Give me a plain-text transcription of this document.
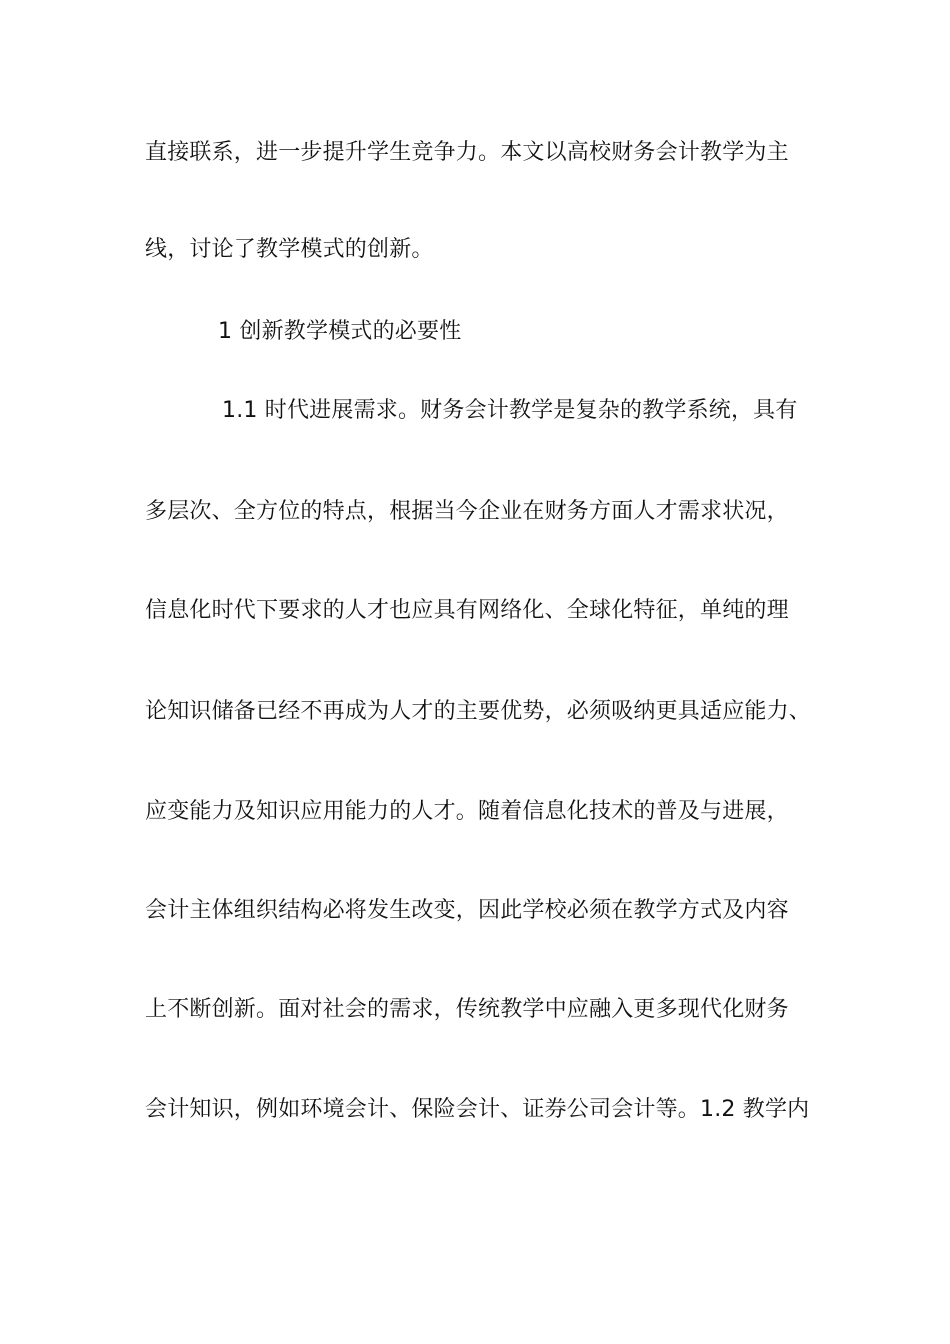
直接联系，进一步提升学生竞争力。本文以高校财务会计教学为主

线，讨论了教学模式的创新。

1 创新教学模式的必要性

1.1 时代进展需求。财务会计教学是复杂的教学系统，具有

多层次、全方位的特点，根据当今企业在财务方面人才需求状况，

信息化时代下要求的人才也应具有网络化、全球化特征，单纯的理

论知识储备已经不再成为人才的主要优势，必须吸纳更具适应能力、

应变能力及知识应用能力的人才。随着信息化技术的普及与进展，

会计主体组织结构必将发生改变，因此学校必须在教学方式及内容

上不断创新。面对社会的需求，传统教学中应融入更多现代化财务

会计知识，例如环境会计、保险会计、证券公司会计等。1.2 教学内
